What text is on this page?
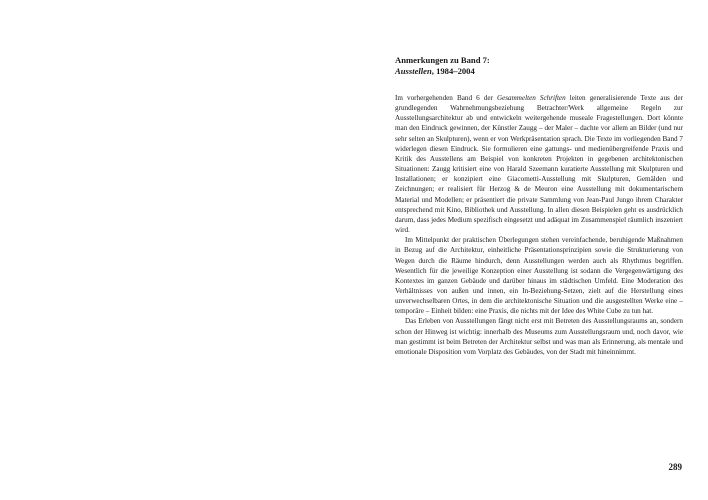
Anmerkungen zu Band 7:
Ausstellen, 1984–2004

Im vorhergehenden Band 6 der Gesammelten Schriften leiten generalisierende Texte aus der grundlegenden Wahrnehmungsbeziehung Betrachter/Werk allgemeine Regeln zur Ausstellungsarchitektur ab und entwickeln weitergehende museale Fragestellungen. Dort könnte man den Eindruck gewinnen, der Künstler Zaugg – der Maler – dachte vor allem an Bilder (und nur sehr selten an Skulpturen), wenn er von Werkpräsentation sprach. Die Texte im vorliegenden Band 7 widerlegen diesen Eindruck. Sie formulieren eine gattungs- und medienübergreifende Praxis und Kritik des Ausstellens am Beispiel von konkreten Projekten in gegebenen architektonischen Situationen: Zaugg kritisiert eine von Harald Szeemann kuratierte Ausstellung mit Skulpturen und Installationen; er konzipiert eine Giacometti-Ausstellung mit Skulpturen, Gemälden und Zeichnungen; er realisiert für Herzog & de Meuron eine Ausstellung mit dokumentarischem Material und Modellen; er präsentiert die private Sammlung von Jean-Paul Jungo ihrem Charakter entsprechend mit Kino, Bibliothek und Ausstellung. In allen diesen Beispielen geht es ausdrücklich darum, dass jedes Medium spezifisch eingesetzt und adäquat im Zusammenspiel räumlich inszeniert wird.

Im Mittelpunkt der praktischen Überlegungen stehen vereinfachende, beruhigende Maßnahmen in Bezug auf die Architektur, einheitliche Präsentationsprinzipien sowie die Strukturierung von Wegen durch die Räume hindurch, denn Ausstellungen werden auch als Rhythmus begriffen. Wesentlich für die jeweilige Konzeption einer Ausstellung ist sodann die Vergegenwärtigung des Kontextes im ganzen Gebäude und darüber hinaus im städtischen Umfeld. Eine Moderation des Verhältnisses von außen und innen, ein In-Beziehung-Setzen, zielt auf die Herstellung eines unverwechselbaren Ortes, in dem die architektonische Situation und die ausgestellten Werke eine – temporäre – Einheit bilden: eine Praxis, die nichts mit der Idee des White Cube zu tun hat.

Das Erleben von Ausstellungen fängt nicht erst mit Betreten des Ausstellungsraums an, sondern schon der Hinweg ist wichtig: innerhalb des Museums zum Ausstellungsraum und, noch davor, wie man gestimmt ist beim Betreten der Architektur selbst und was man als Erinnerung, als mentale und emotionale Disposition vom Vorplatz des Gebäudes, von der Stadt mit hineinnimmt.

289
